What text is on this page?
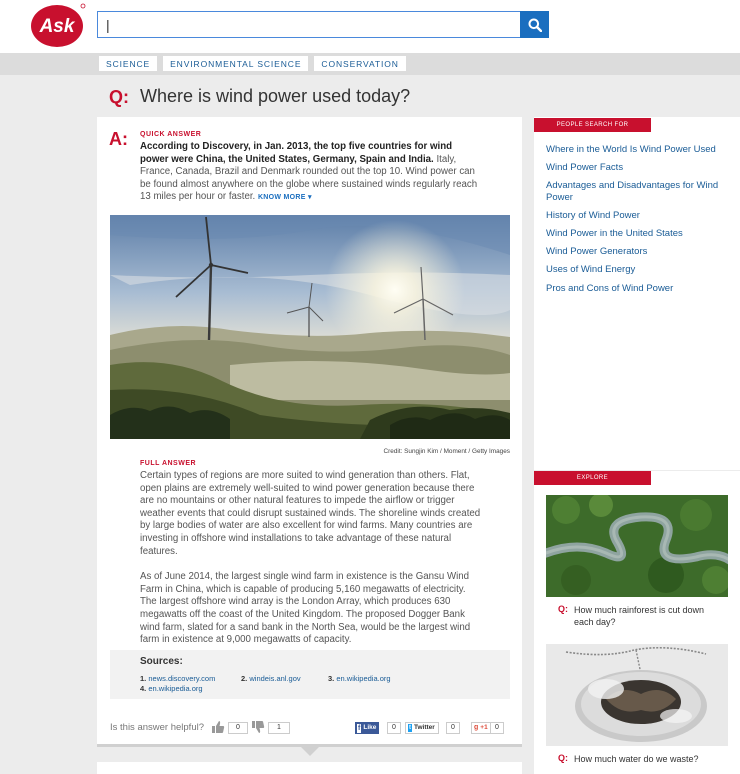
Ask
|
SCIENCE	ENVIRONMENTAL SCIENCE	CONSERVATION
Q: Where is wind power used today?
A: QUICK ANSWER
According to Discovery, in Jan. 2013, the top five countries for wind power were China, the United States, Germany, Spain and India. Italy, France, Canada, Brazil and Denmark rounded out the top 10. Wind power can be found almost anywhere on the globe where sustained winds regularly reach 13 miles per hour or faster. KNOW MORE ▾
Credit: Sungjin Kim / Moment / Getty Images
FULL ANSWER

Certain types of regions are more suited to wind generation than others. Flat, open plains are extremely well-suited to wind power generation because there are no mountains or other natural features to impede the airflow or trigger weather events that could disrupt sustained winds. The shoreline winds created by large bodies of water are also excellent for wind farms. Many countries are investing in offshore wind installations to take advantage of these natural features.

As of June 2014, the largest single wind farm in existence is the Gansu Wind Farm in China, which is capable of producing 5,160 megawatts of electricity. The largest offshore wind array is the London Array, which produces 630 megawatts off the coast of the United Kingdom. The proposed Dogger Bank wind farm, slated for a sand bank in the North Sea, would be the largest wind farm in existence at 9,000 megawatts of capacity.

Sources:
1. news.discovery.com	2. windeis.anl.gov	3. en.wikipedia.org
4. en.wikipedia.org
Is this answer helpful?	0	1	f Like	0	t Twitter	0	g +1	0
PEOPLE SEARCH FOR
Where in the World Is Wind Power Used
Wind Power Facts
Advantages and Disadvantages for Wind Power
History of Wind Power
Wind Power in the United States
Wind Power Generators
Uses of Wind Energy
Pros and Cons of Wind Power
EXPLORE
Q: How much rainforest is cut down each day?
Q: How much water do we waste?
